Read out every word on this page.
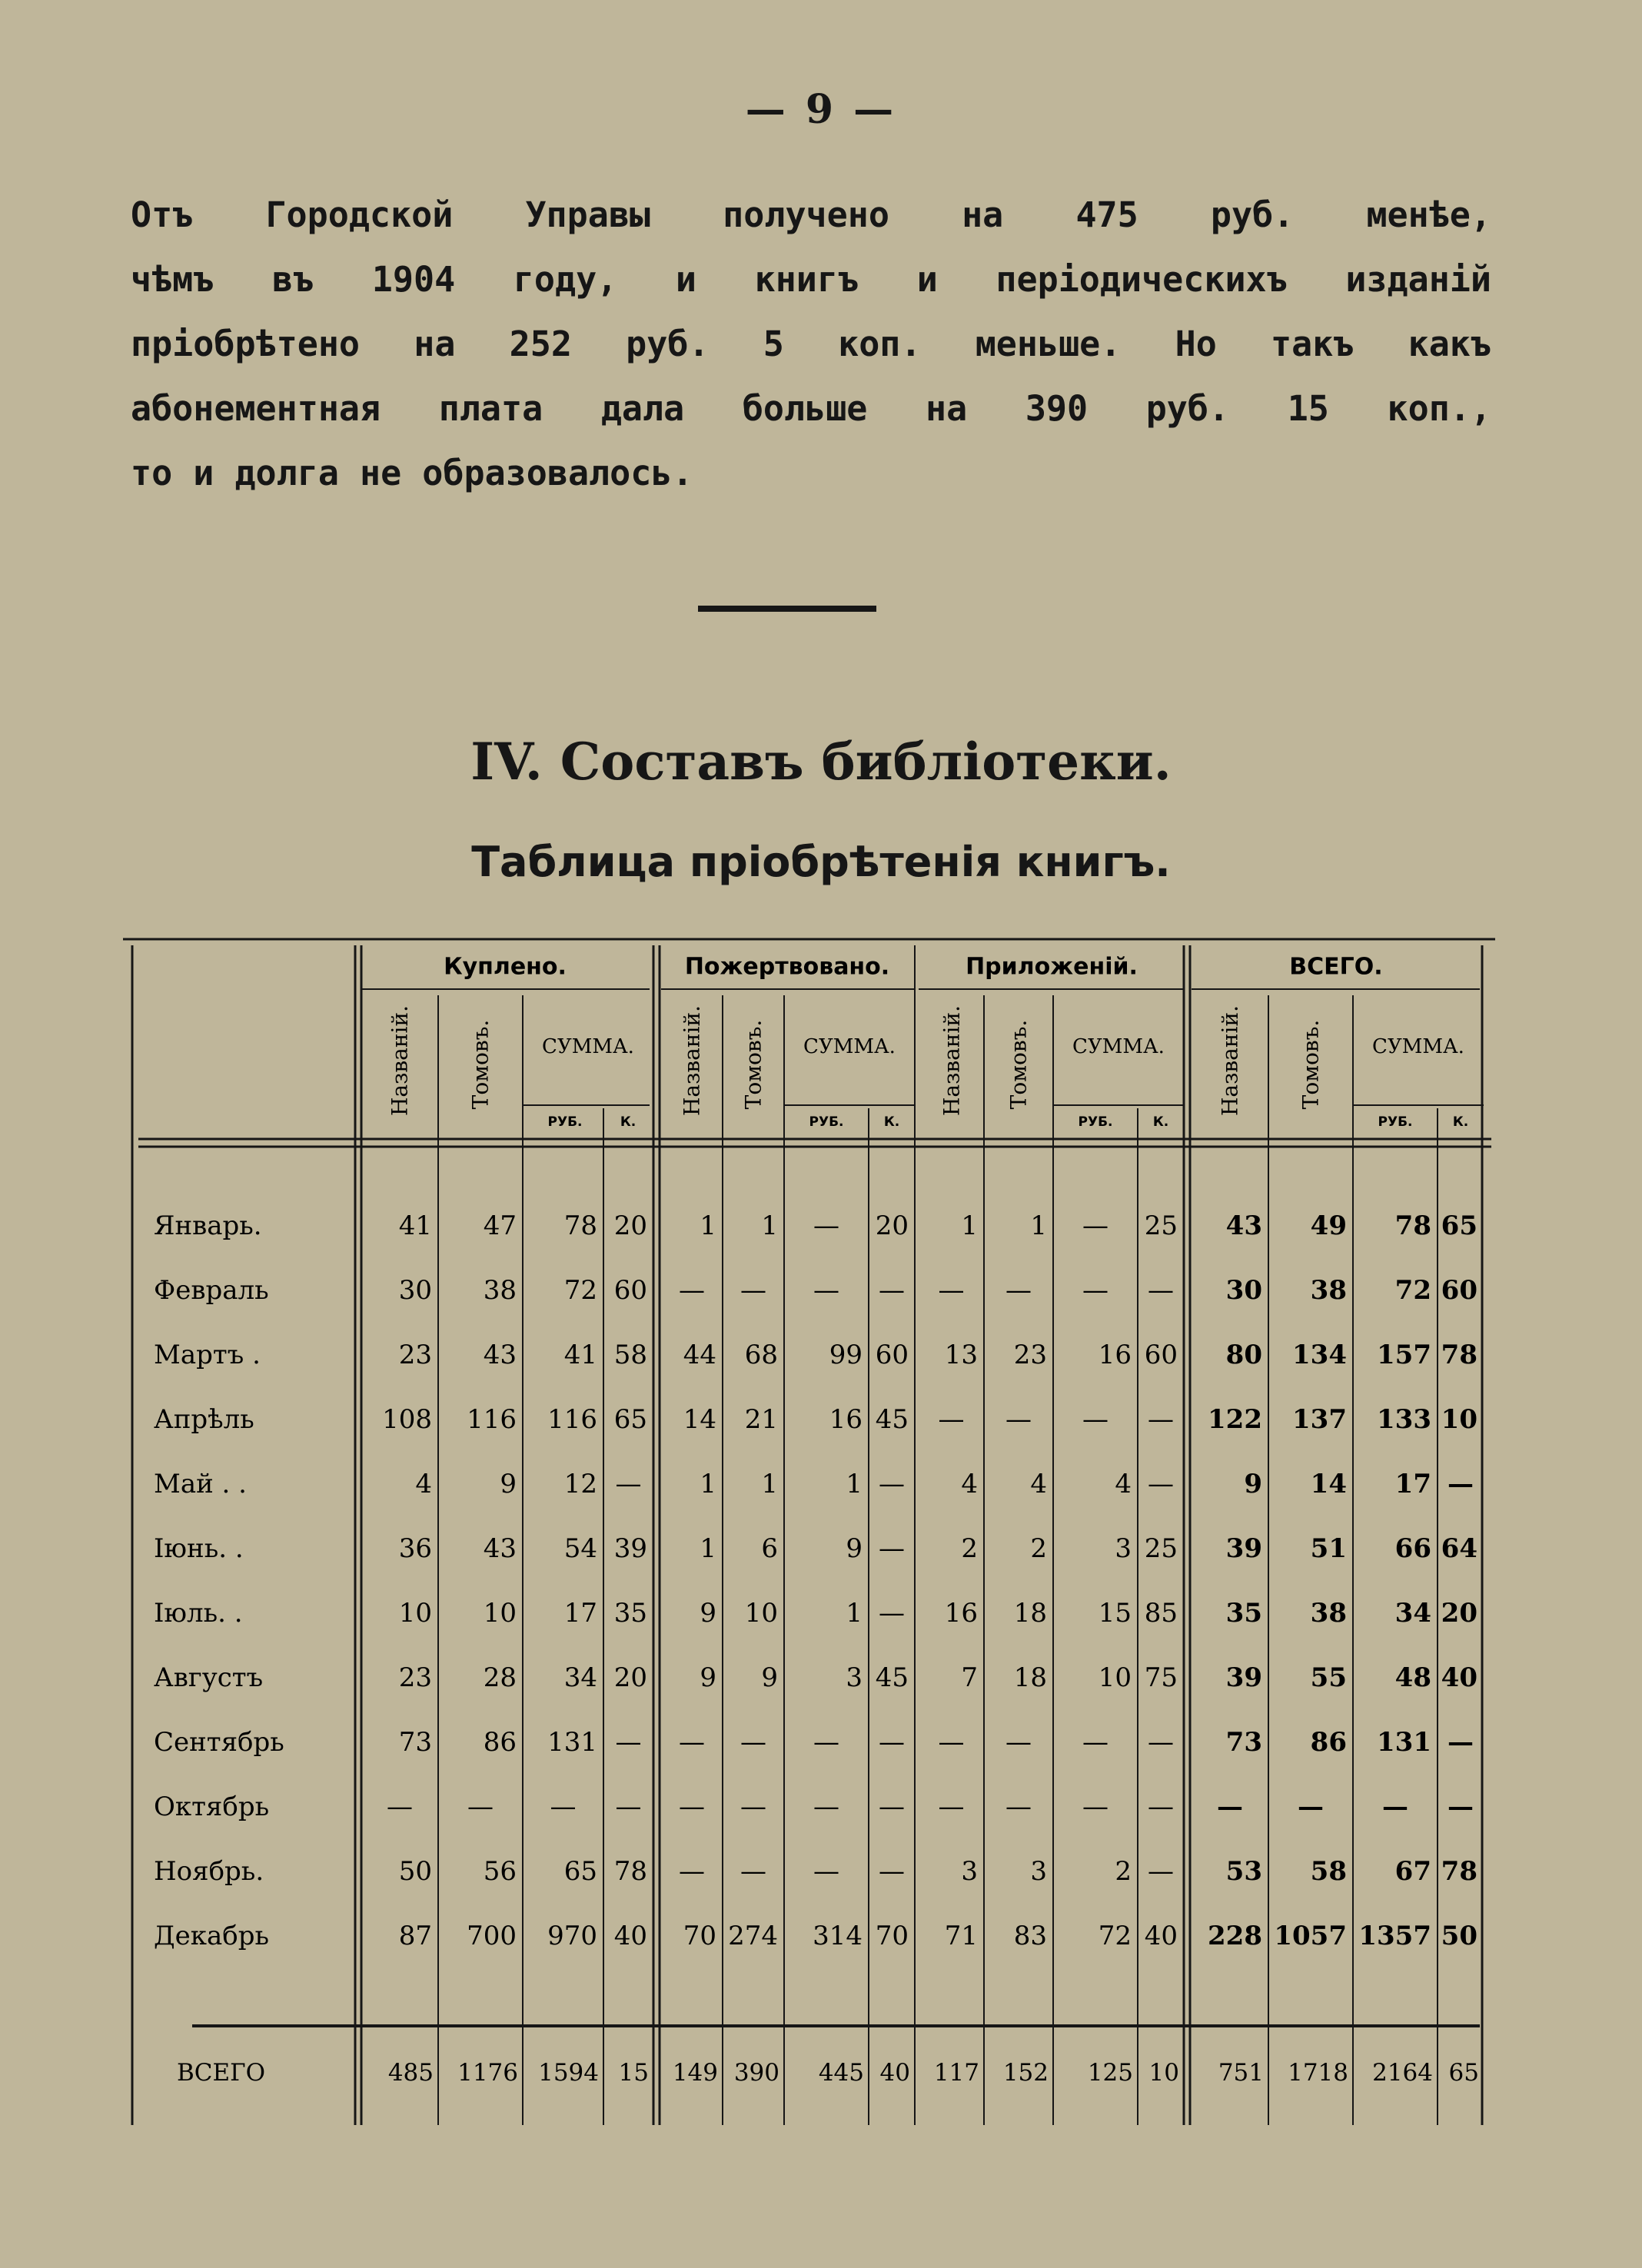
— 9 —
Отъ Городской Управы получено на 475 руб. менѣе,
чѣмъ въ 1904 году, и книгъ и періодическихъ изданій
пріобрѣтено на 252 руб. 5 коп. меньше. Но такъ какъ
абонементная плата дала больше на 390 руб. 15 коп.,
то и долга не образовалось.
IV. Составъ библіотеки.
Таблица пріобрѣтенія книгъ.
Куплено.	Пожертвовано.	Приложеній.	ВСЕГО.
Названій.	Томовъ. СУММА.
РУБ.	К.
Названій. Томовъ. СУММА.
РУБ.	К.
Названій. Томовъ. СУММА.
РУБ.	К.
Названій.	Томовъ. СУММА.
РУБ.	К.
Январь.	41 47 78 20 1 1 — 20 1 1 — 25 43 49 78 65
Февраль	30 38 72 60 — — — — — — — — 30 38 72 60
Мартъ .	23 43 41 58 44 68 99 60 13 23 16 60 80 134 157 78
Апрѣль	108 116 116 65 14 21 16 45 — — — — 122 137 133 10
Май . .	4	9 12 — 1 1	1 — 4 4	4 —	9 14 17 —
Іюнь. .	36 43 54 39 1 6	9 — 2 2	3 25 39 51 66 64
Іюль. .	10 10 17 35 9 10	1 — 16 18 15 85 35 38 34 20
Августъ	23 28 34 20 9 9	3 45 7 18 10 75 39 55 48 40
Сентябрь	73 86 131 — — — — — — — — — 73 86 131 —
Октябрь	— — — — — — — — — — — — — — — —
Ноябрь.	50 56 65 78 — — — — 3 3	2 — 53 58 67 78
Декабрь	87 700 970 40 70 274 314 70 71 83 72 40 228 1057 1357 50
ВСЕГО	485 1176 1594 15 149 390 445 40 117 152 125 10 751 1718 2164 65
